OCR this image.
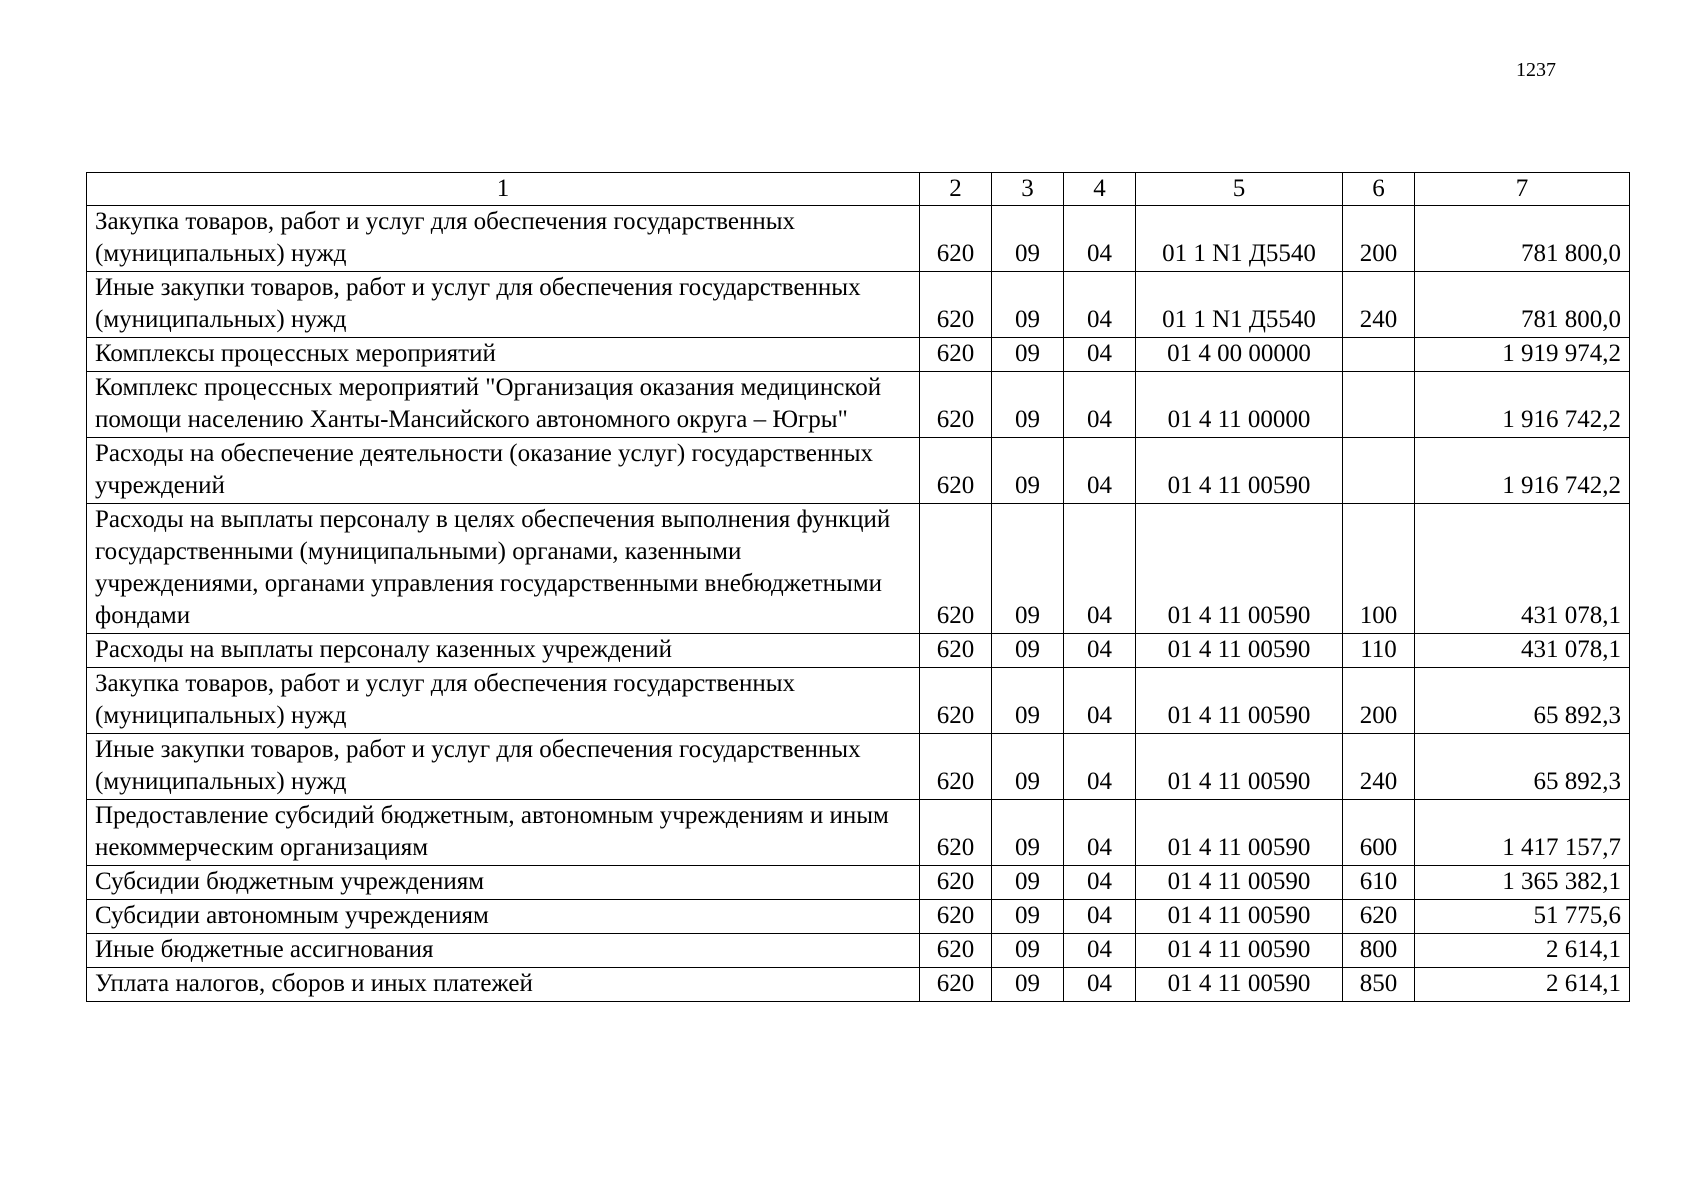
1237
1	2	3	4	5	6	7
Закупка товаров, работ и услуг для обеспечения государственных (муниципальных) нужд	620	09	04	01 1 N1 Д5540	200	781 800,0
Иные закупки товаров, работ и услуг для обеспечения государственных (муниципальных) нужд	620	09	04	01 1 N1 Д5540	240	781 800,0
Комплексы процессных мероприятий	620	09	04	01 4 00 00000		1 919 974,2
Комплекс процессных мероприятий "Организация оказания медицинской помощи населению Ханты-Мансийского автономного округа – Югры"	620	09	04	01 4 11 00000		1 916 742,2
Расходы на обеспечение деятельности (оказание услуг) государственных учреждений	620	09	04	01 4 11 00590		1 916 742,2
Расходы на выплаты персоналу в целях обеспечения выполнения функций государственными (муниципальными) органами, казенными учреждениями, органами управления государственными внебюджетными фондами	620	09	04	01 4 11 00590	100	431 078,1
Расходы на выплаты персоналу казенных учреждений	620	09	04	01 4 11 00590	110	431 078,1
Закупка товаров, работ и услуг для обеспечения государственных (муниципальных) нужд	620	09	04	01 4 11 00590	200	65 892,3
Иные закупки товаров, работ и услуг для обеспечения государственных (муниципальных) нужд	620	09	04	01 4 11 00590	240	65 892,3
Предоставление субсидий бюджетным, автономным учреждениям и иным некоммерческим организациям	620	09	04	01 4 11 00590	600	1 417 157,7
Субсидии бюджетным учреждениям	620	09	04	01 4 11 00590	610	1 365 382,1
Субсидии автономным учреждениям	620	09	04	01 4 11 00590	620	51 775,6
Иные бюджетные ассигнования	620	09	04	01 4 11 00590	800	2 614,1
Уплата налогов, сборов и иных платежей	620	09	04	01 4 11 00590	850	2 614,1
